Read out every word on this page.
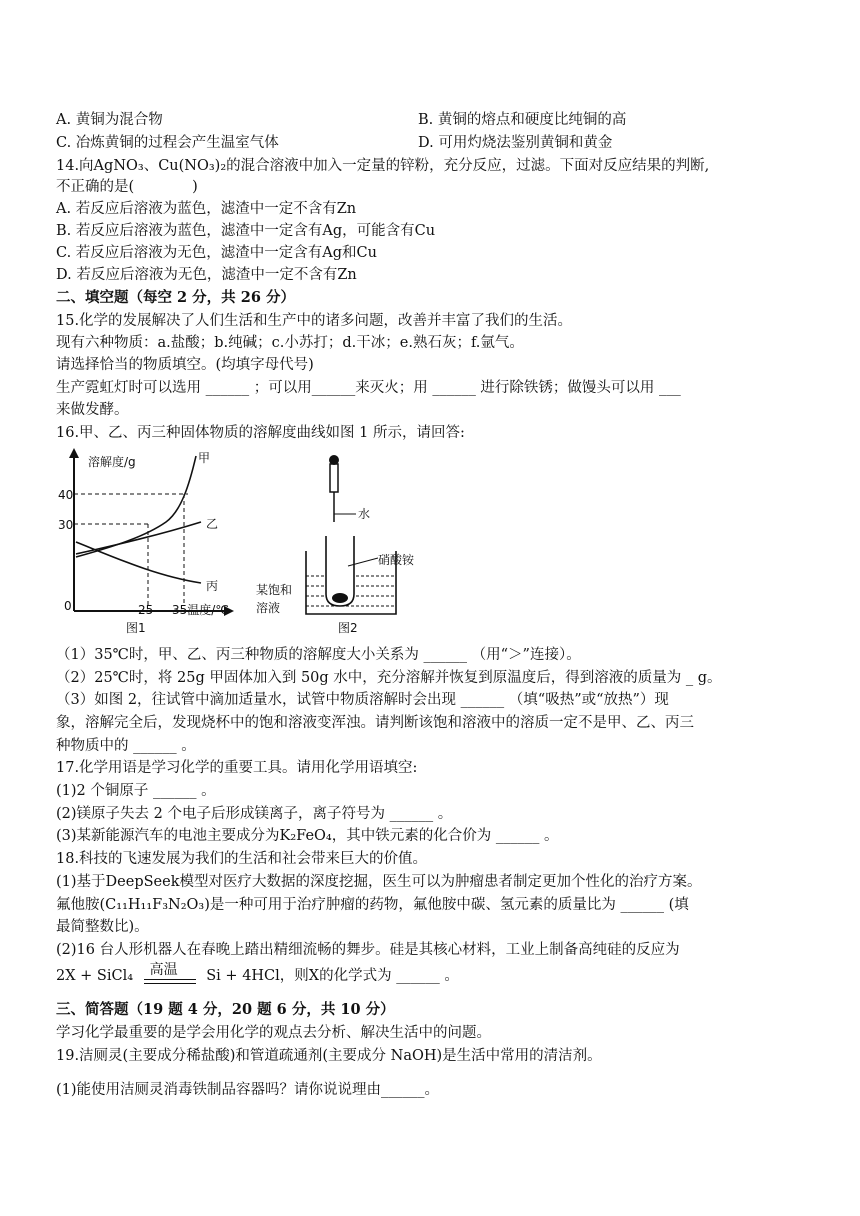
A. 黄铜为混合物	B. 黄铜的熔点和硬度比纯铜的高
C. 冶炼黄铜的过程会产生温室气体	D. 可用灼烧法鉴别黄铜和黄金
14.向AgNO₃、Cu(NO₃)₂的混合溶液中加入一定量的锌粉，充分反应，过滤。下面对反应结果的判断,
不正确的是(　　　　)
A. 若反应后溶液为蓝色，滤渣中一定不含有Zn
B. 若反应后溶液为蓝色，滤渣中一定含有Ag，可能含有Cu
C. 若反应后溶液为无色，滤渣中一定含有Ag和Cu
D. 若反应后溶液为无色，滤渣中一定不含有Zn
二、填空题（每空 2 分，共 26 分）
15.化学的发展解决了人们生活和生产中的诸多问题，改善并丰富了我们的生活。
现有六种物质：a.盐酸；b.纯碱；c.小苏打；d.干冰；e.熟石灰；f.氩气。
请选择恰当的物质填空。(均填字母代号)
生产霓虹灯时可以选用 ______ ；可以用______来灭火；用 ______ 进行除铁锈；做馒头可以用 ___
来做发酵。
16.甲、乙、丙三种固体物质的溶解度曲线如图 1 所示，请回答:
溶解度/g
40
30
0	25 35温度/℃
甲
乙
丙
图1
水
硝酸铵
某饱和
溶液
图2
（1）35℃时，甲、乙、丙三种物质的溶解度大小关系为 ______ （用“＞”连接）。
（2）25℃时，将 25g 甲固体加入到 50g 水中，充分溶解并恢复到原温度后，得到溶液的质量为 _ g。
（3）如图 2，往试管中滴加适量水，试管中物质溶解时会出现 ______ （填“吸热”或“放热”）现
象，溶解完全后，发现烧杯中的饱和溶液变浑浊。请判断该饱和溶液中的溶质一定不是甲、乙、丙三
种物质中的 ______ 。
17.化学用语是学习化学的重要工具。请用化学用语填空:
(1)2 个铜原子 ______ 。
(2)镁原子失去 2 个电子后形成镁离子，离子符号为 ______ 。
(3)某新能源汽车的电池主要成分为K₂FeO₄，其中铁元素的化合价为 ______ 。
18.科技的飞速发展为我们的生活和社会带来巨大的价值。
(1)基于DeepSeek模型对医疗大数据的深度挖掘，医生可以为肿瘤患者制定更加个性化的治疗方案。
氟他胺(C₁₁H₁₁F₃N₂O₃)是一种可用于治疗肿瘤的药物，氟他胺中碳、氢元素的质量比为 ______ (填
最简整数比)。
(2)16 台人形机器人在春晚上踏出精细流畅的舞步。硅是其核心材料，工业上制备高纯硅的反应为
2X + SiCl₄ 高温 Si + 4HCl，则X的化学式为 ______ 。
三、简答题（19 题 4 分，20 题 6 分，共 10 分）
学习化学最重要的是学会用化学的观点去分析、解决生活中的问题。
19.洁厕灵(主要成分稀盐酸)和管道疏通剂(主要成分 NaOH)是生活中常用的清洁剂。
(1)能使用洁厕灵消毒铁制品容器吗？请你说说理由______。
